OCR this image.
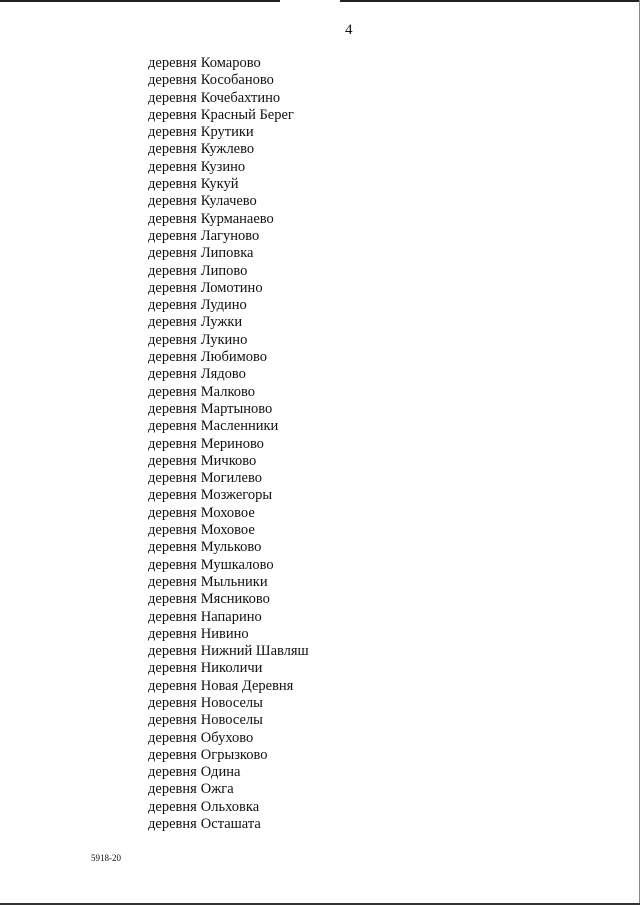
4
деревня Комарово
деревня Кособаново
деревня Кочебахтино
деревня Красный Берег
деревня Крутики
деревня Кужлево
деревня Кузино
деревня Кукуй
деревня Кулачево
деревня Курманаево
деревня Лагуново
деревня Липовка
деревня Липово
деревня Ломотино
деревня Лудино
деревня Лужки
деревня Лукино
деревня Любимово
деревня Лядово
деревня Малково
деревня Мартыново
деревня Масленники
деревня Мериново
деревня Мичково
деревня Могилево
деревня Мозжегоры
деревня Моховое
деревня Моховое
деревня Мульково
деревня Мушкалово
деревня Мыльники
деревня Мясниково
деревня Напарино
деревня Нивино
деревня Нижний Шавляш
деревня Николичи
деревня Новая Деревня
деревня Новоселы
деревня Новоселы
деревня Обухово
деревня Огрызково
деревня Одина
деревня Ожга
деревня Ольховка
деревня Осташата
5918-20
